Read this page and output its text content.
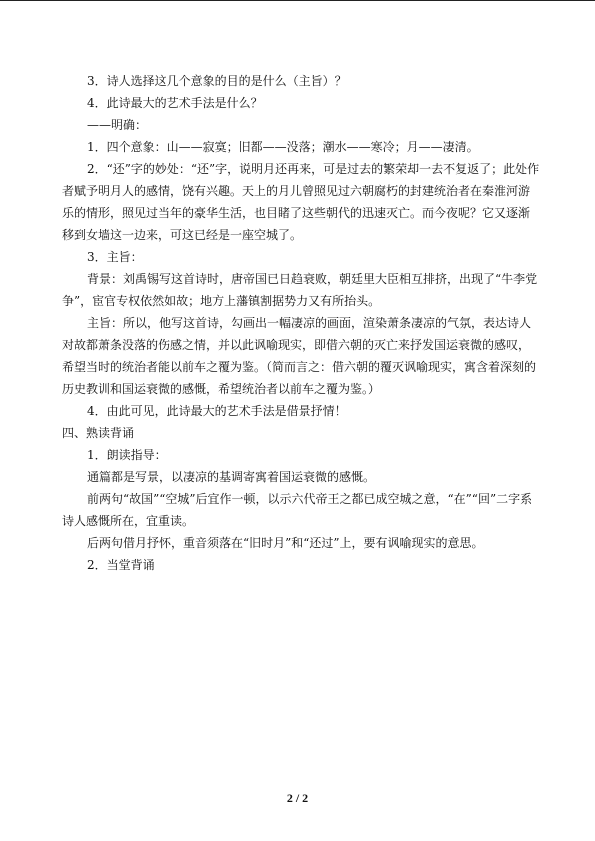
3．诗人选择这几个意象的目的是什么（主旨）？

4．此诗最大的艺术手法是什么？

——明确：

1．四个意象：山——寂寞；旧都——没落；潮水——寒冷；月——凄清。

2．“还”字的妙处：“还”字，说明月还再来，可是过去的繁荣却一去不复返了；此处作者赋予明月人的感情，饶有兴趣。天上的月儿曾照见过六朝腐朽的封建统治者在秦淮河游乐的情形，照见过当年的豪华生活，也目睹了这些朝代的迅速灭亡。而今夜呢？它又逐渐移到女墙这一边来，可这已经是一座空城了。

3．主旨：

背景：刘禹锡写这首诗时，唐帝国已日趋衰败，朝廷里大臣相互排挤，出现了“牛李党争”，宦官专权依然如故；地方上藩镇割据势力又有所抬头。

主旨：所以，他写这首诗，勾画出一幅凄凉的画面，渲染萧条凄凉的气氛，表达诗人对故都萧条没落的伤感之情，并以此讽喻现实，即借六朝的灭亡来抒发国运衰微的感叹，希望当时的统治者能以前车之覆为鉴。（简而言之：借六朝的覆灭讽喻现实，寓含着深刻的历史教训和国运衰微的感慨，希望统治者以前车之覆为鉴。）

4．由此可见，此诗最大的艺术手法是借景抒情！

四、熟读背诵

1．朗读指导：

通篇都是写景，以凄凉的基调寄寓着国运衰微的感慨。

前两句“故国”“空城”后宜作一顿，以示六代帝王之都已成空城之意，“在”“回”二字系诗人感慨所在，宜重读。

后两句借月抒怀，重音须落在“旧时月”和“还过”上，要有讽喻现实的意思。

2．当堂背诵

2 / 2
